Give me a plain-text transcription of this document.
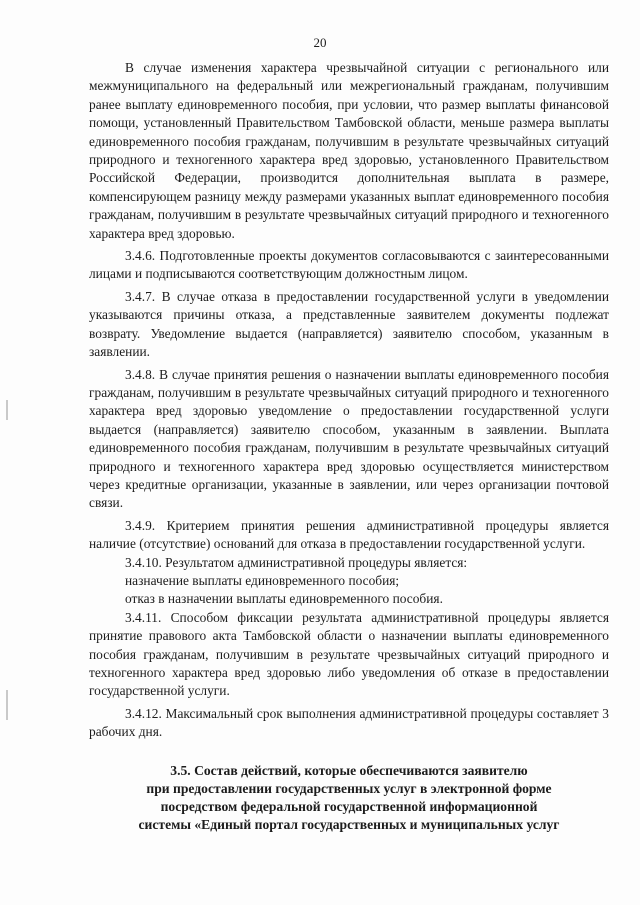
20

В случае изменения характера чрезвычайной ситуации с регионального или межмуниципального на федеральный или межрегиональный гражданам, получившим ранее выплату единовременного пособия, при условии, что размер выплаты финансовой помощи, установленный Правительством Тамбовской области, меньше размера выплаты единовременного пособия гражданам, получившим в результате чрезвычайных ситуаций природного и техногенного характера вред здоровью, установленного Правительством Российской Федерации, производится дополнительная выплата в размере, компенсирующем разницу между размерами указанных выплат единовременного пособия гражданам, получившим в результате чрезвычайных ситуаций природного и техногенного характера вред здоровью.

3.4.6. Подготовленные проекты документов согласовываются с заинтересованными лицами и подписываются соответствующим должностным лицом.

3.4.7. В случае отказа в предоставлении государственной услуги в уведомлении указываются причины отказа, а представленные заявителем документы подлежат возврату. Уведомление выдается (направляется) заявителю способом, указанным в заявлении.

3.4.8. В случае принятия решения о назначении выплаты единовременного пособия гражданам, получившим в результате чрезвычайных ситуаций природного и техногенного характера вред здоровью уведомление о предоставлении государственной услуги выдается (направляется) заявителю способом, указанным в заявлении. Выплата единовременного пособия гражданам, получившим в результате чрезвычайных ситуаций природного и техногенного характера вред здоровью осуществляется министерством через кредитные организации, указанные в заявлении, или через организации почтовой связи.

3.4.9. Критерием принятия решения административной процедуры является наличие (отсутствие) оснований для отказа в предоставлении государственной услуги.

3.4.10. Результатом административной процедуры является:

назначение выплаты единовременного пособия;

отказ в назначении выплаты единовременного пособия.

3.4.11. Способом фиксации результата административной процедуры является принятие правового акта Тамбовской области о назначении выплаты единовременного пособия гражданам, получившим в результате чрезвычайных ситуаций природного и техногенного характера вред здоровью либо уведомления об отказе в предоставлении государственной услуги.

3.4.12. Максимальный срок выполнения административной процедуры составляет 3 рабочих дня.

3.5. Состав действий, которые обеспечиваются заявителю
при предоставлении государственных услуг в электронной форме
посредством федеральной государственной информационной
системы «Единый портал государственных и муниципальных услуг
